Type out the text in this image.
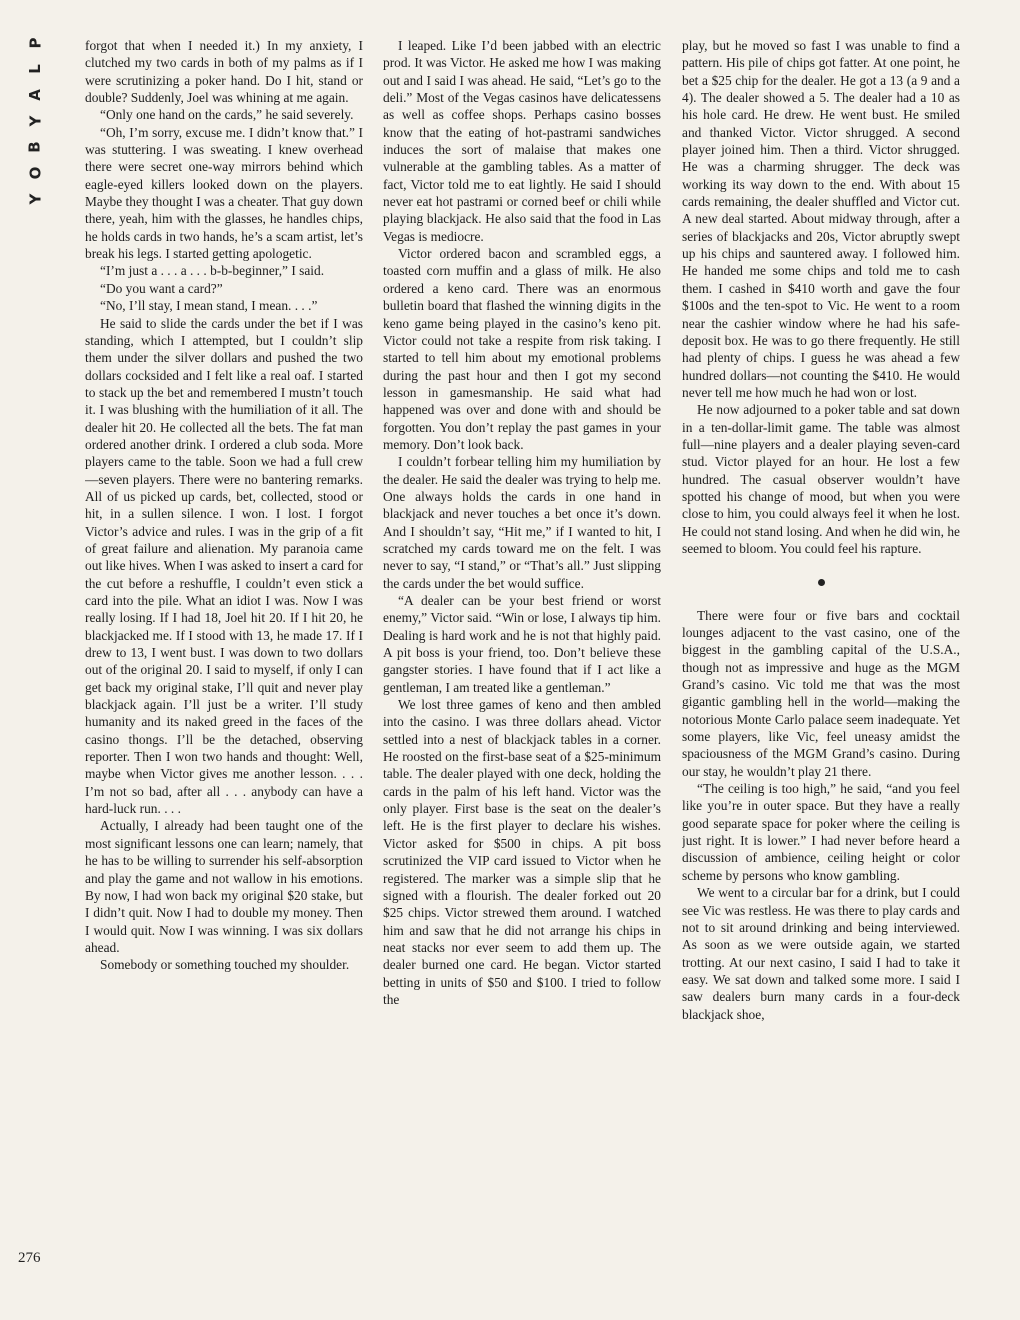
P
L
A
Y
B
O
Y

forgot that when I needed it.) In my anxiety, I clutched my two cards in both of my palms as if I were scrutinizing a poker hand. Do I hit, stand or double? Suddenly, Joel was whining at me again.

“Only one hand on the cards,” he said severely.

“Oh, I’m sorry, excuse me. I didn’t know that.” I was stuttering. I was sweating. I knew overhead there were secret one-way mirrors behind which eagle-eyed killers looked down on the players. Maybe they thought I was a cheater. That guy down there, yeah, him with the glasses, he handles chips, he holds cards in two hands, he’s a scam artist, let’s break his legs. I started getting apologetic.

“I’m just a . . . a . . . b-b-beginner,” I said.

“Do you want a card?”

“No, I’ll stay, I mean stand, I mean. . . .”

He said to slide the cards under the bet if I was standing, which I attempted, but I couldn’t slip them under the silver dollars and pushed the two dollars cocksided and I felt like a real oaf. I started to stack up the bet and remembered I mustn’t touch it. I was blushing with the humiliation of it all. The dealer hit 20. He collected all the bets. The fat man ordered another drink. I ordered a club soda. More players came to the table. Soon we had a full crew—seven players. There were no bantering remarks. All of us picked up cards, bet, collected, stood or hit, in a sullen silence. I won. I lost. I forgot Victor’s advice and rules. I was in the grip of a fit of great failure and alienation. My paranoia came out like hives. When I was asked to insert a card for the cut before a reshuffle, I couldn’t even stick a card into the pile. What an idiot I was. Now I was really losing. If I had 18, Joel hit 20. If I hit 20, he blackjacked me. If I stood with 13, he made 17. If I drew to 13, I went bust. I was down to two dollars out of the original 20. I said to myself, if only I can get back my original stake, I’ll quit and never play blackjack again. I’ll just be a writer. I’ll study humanity and its naked greed in the faces of the casino thongs. I’ll be the detached, observing reporter. Then I won two hands and thought: Well, maybe when Victor gives me another lesson. . . . I’m not so bad, after all . . . anybody can have a hard-luck run. . . .

Actually, I already had been taught one of the most significant lessons one can learn; namely, that he has to be willing to surrender his self-absorption and play the game and not wallow in his emotions. By now, I had won back my original $20 stake, but I didn’t quit. Now I had to double my money. Then I would quit. Now I was winning. I was six dollars ahead.

Somebody or something touched my shoulder.

I leaped. Like I’d been jabbed with an electric prod. It was Victor. He asked me how I was making out and I said I was ahead. He said, “Let’s go to the deli.” Most of the Vegas casinos have delicatessens as well as coffee shops. Perhaps casino bosses know that the eating of hot-pastrami sandwiches induces the sort of malaise that makes one vulnerable at the gambling tables. As a matter of fact, Victor told me to eat lightly. He said I should never eat hot pastrami or corned beef or chili while playing blackjack. He also said that the food in Las Vegas is mediocre.

Victor ordered bacon and scrambled eggs, a toasted corn muffin and a glass of milk. He also ordered a keno card. There was an enormous bulletin board that flashed the winning digits in the keno game being played in the casino’s keno pit. Victor could not take a respite from risk taking. I started to tell him about my emotional problems during the past hour and then I got my second lesson in gamesmanship. He said what had happened was over and done with and should be forgotten. You don’t replay the past games in your memory. Don’t look back.

I couldn’t forbear telling him my humiliation by the dealer. He said the dealer was trying to help me. One always holds the cards in one hand in blackjack and never touches a bet once it’s down. And I shouldn’t say, “Hit me,” if I wanted to hit, I scratched my cards toward me on the felt. I was never to say, “I stand,” or “That’s all.” Just slipping the cards under the bet would suffice.

“A dealer can be your best friend or worst enemy,” Victor said. “Win or lose, I always tip him. Dealing is hard work and he is not that highly paid. A pit boss is your friend, too. Don’t believe these gangster stories. I have found that if I act like a gentleman, I am treated like a gentleman.”

We lost three games of keno and then ambled into the casino. I was three dollars ahead. Victor settled into a nest of blackjack tables in a corner. He roosted on the first-base seat of a $25-minimum table. The dealer played with one deck, holding the cards in the palm of his left hand. Victor was the only player. First base is the seat on the dealer’s left. He is the first player to declare his wishes. Victor asked for $500 in chips. A pit boss scrutinized the VIP card issued to Victor when he registered. The marker was a simple slip that he signed with a flourish. The dealer forked out 20 $25 chips. Victor strewed them around. I watched him and saw that he did not arrange his chips in neat stacks nor ever seem to add them up. The dealer burned one card. He began. Victor started betting in units of $50 and $100. I tried to follow the

play, but he moved so fast I was unable to find a pattern. His pile of chips got fatter. At one point, he bet a $25 chip for the dealer. He got a 13 (a 9 and a 4). The dealer showed a 5. The dealer had a 10 as his hole card. He drew. He went bust. He smiled and thanked Victor. Victor shrugged. A second player joined him. Then a third. Victor shrugged. He was a charming shrugger. The deck was working its way down to the end. With about 15 cards remaining, the dealer shuffled and Victor cut. A new deal started. About midway through, after a series of blackjacks and 20s, Victor abruptly swept up his chips and sauntered away. I followed him. He handed me some chips and told me to cash them. I cashed in $410 worth and gave the four $100s and the ten-spot to Vic. He went to a room near the cashier window where he had his safe-deposit box. He was to go there frequently. He still had plenty of chips. I guess he was ahead a few hundred dollars—not counting the $410. He would never tell me how much he had won or lost.

He now adjourned to a poker table and sat down in a ten-dollar-limit game. The table was almost full—nine players and a dealer playing seven-card stud. Victor played for an hour. He lost a few hundred. The casual observer wouldn’t have spotted his change of mood, but when you were close to him, you could always feel it when he lost. He could not stand losing. And when he did win, he seemed to bloom. You could feel his rapture.

There were four or five bars and cocktail lounges adjacent to the vast casino, one of the biggest in the gambling capital of the U.S.A., though not as impressive and huge as the MGM Grand’s casino. Vic told me that was the most gigantic gambling hell in the world—making the notorious Monte Carlo palace seem inadequate. Yet some players, like Vic, feel uneasy amidst the spaciousness of the MGM Grand’s casino. During our stay, he wouldn’t play 21 there.

“The ceiling is too high,” he said, “and you feel like you’re in outer space. But they have a really good separate space for poker where the ceiling is just right. It is lower.” I had never before heard a discussion of ambience, ceiling height or color scheme by persons who know gambling.

We went to a circular bar for a drink, but I could see Vic was restless. He was there to play cards and not to sit around drinking and being interviewed. As soon as we were outside again, we started trotting. At our next casino, I said I had to take it easy. We sat down and talked some more. I said I saw dealers burn many cards in a four-deck blackjack shoe,

276
